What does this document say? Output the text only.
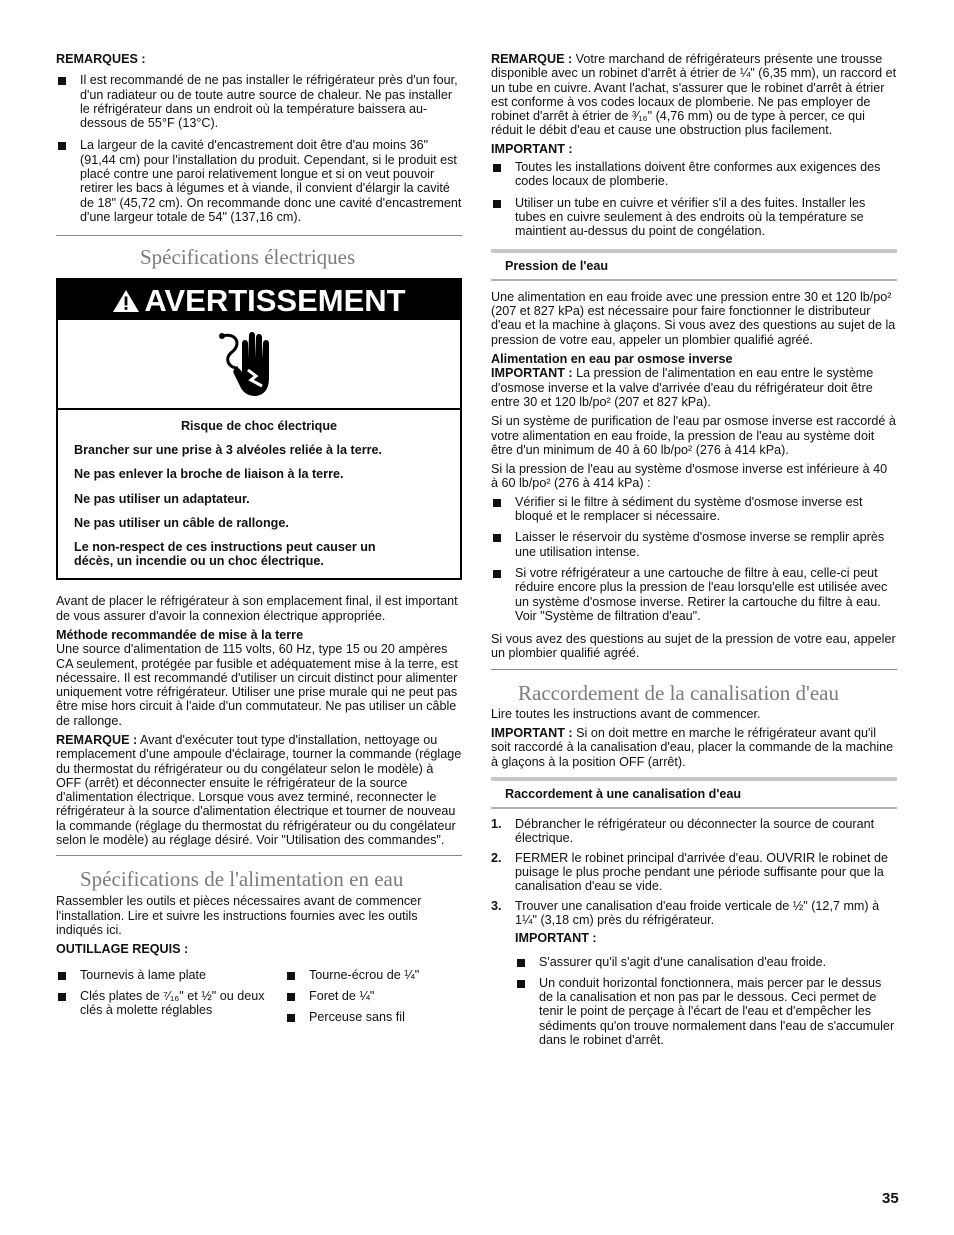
REMARQUES :

Il est recommandé de ne pas installer le réfrigérateur près d'un four, d'un radiateur ou de toute autre source de chaleur. Ne pas installer le réfrigérateur dans un endroit où la température baissera au-dessous de 55°F (13°C).

La largeur de la cavité d'encastrement doit être d'au moins 36" (91,44 cm) pour l'installation du produit. Cependant, si le produit est placé contre une paroi relativement longue et si on veut pouvoir retirer les bacs à légumes et à viande, il convient d'élargir la cavité de 18" (45,72 cm). On recommande donc une cavité d'encastrement d'une largeur totale de 54" (137,16 cm).

Spécifications électriques

AVERTISSEMENT

Risque de choc électrique

Brancher sur une prise à 3 alvéoles reliée à la terre.

Ne pas enlever la broche de liaison à la terre.

Ne pas utiliser un adaptateur.

Ne pas utiliser un câble de rallonge.

Le non-respect de ces instructions peut causer un décès, un incendie ou un choc électrique.

Avant de placer le réfrigérateur à son emplacement final, il est important de vous assurer d'avoir la connexion électrique appropriée.

Méthode recommandée de mise à la terre

Une source d'alimentation de 115 volts, 60 Hz, type 15 ou 20 ampères CA seulement, protégée par fusible et adéquatement mise à la terre, est nécessaire. Il est recommandé d'utiliser un circuit distinct pour alimenter uniquement votre réfrigérateur. Utiliser une prise murale qui ne peut pas être mise hors circuit à l'aide d'un commutateur. Ne pas utiliser un câble de rallonge.

REMARQUE : Avant d'exécuter tout type d'installation, nettoyage ou remplacement d'une ampoule d'éclairage, tourner la commande (réglage du thermostat du réfrigérateur ou du congélateur selon le modèle) à OFF (arrêt) et déconnecter ensuite le réfrigérateur de la source d'alimentation électrique. Lorsque vous avez terminé, reconnecter le réfrigérateur à la source d'alimentation électrique et tourner de nouveau la commande (réglage du thermostat du réfrigérateur ou du congélateur selon le modèle) au réglage désiré. Voir "Utilisation des commandes".

Spécifications de l'alimentation en eau

Rassembler les outils et pièces nécessaires avant de commencer l'installation. Lire et suivre les instructions fournies avec les outils indiqués ici.

OUTILLAGE REQUIS :

Tournevis à lame plate

Clés plates de ⁷⁄₁₆" et ½" ou deux clés à molette réglables

Tourne-écrou de ¼"

Foret de ¼"

Perceuse sans fil

REMARQUE : Votre marchand de réfrigérateurs présente une trousse disponible avec un robinet d'arrêt à étrier de ¼" (6,35 mm), un raccord et un tube en cuivre. Avant l'achat, s'assurer que le robinet d'arrêt à étrier est conforme à vos codes locaux de plomberie. Ne pas employer de robinet d'arrêt à étrier de ³⁄₁₆" (4,76 mm) ou de type à percer, ce qui réduit le débit d'eau et cause une obstruction plus facilement.

IMPORTANT :

Toutes les installations doivent être conformes aux exigences des codes locaux de plomberie.

Utiliser un tube en cuivre et vérifier s'il a des fuites. Installer les tubes en cuivre seulement à des endroits où la température se maintient au-dessus du point de congélation.

Pression de l'eau

Une alimentation en eau froide avec une pression entre 30 et 120 lb/po² (207 et 827 kPa) est nécessaire pour faire fonctionner le distributeur d'eau et la machine à glaçons. Si vous avez des questions au sujet de la pression de votre eau, appeler un plombier qualifié agréé.

Alimentation en eau par osmose inverse

IMPORTANT : La pression de l'alimentation en eau entre le système d'osmose inverse et la valve d'arrivée d'eau du réfrigérateur doit être entre 30 et 120 lb/po² (207 et 827 kPa).

Si un système de purification de l'eau par osmose inverse est raccordé à votre alimentation en eau froide, la pression de l'eau au système doit être d'un minimum de 40 à 60 lb/po² (276 à 414 kPa).

Si la pression de l'eau au système d'osmose inverse est inférieure à 40 à 60 lb/po² (276 à 414 kPa) :

Vérifier si le filtre à sédiment du système d'osmose inverse est bloqué et le remplacer si nécessaire.

Laisser le réservoir du système d'osmose inverse se remplir après une utilisation intense.

Si votre réfrigérateur a une cartouche de filtre à eau, celle-ci peut réduire encore plus la pression de l'eau lorsqu'elle est utilisée avec un système d'osmose inverse. Retirer la cartouche du filtre à eau. Voir "Système de filtration d'eau".

Si vous avez des questions au sujet de la pression de votre eau, appeler un plombier qualifié agréé.

Raccordement de la canalisation d'eau

Lire toutes les instructions avant de commencer.

IMPORTANT : Si on doit mettre en marche le réfrigérateur avant qu'il soit raccordé à la canalisation d'eau, placer la commande de la machine à glaçons à la position OFF (arrêt).

Raccordement à une canalisation d'eau

1. Débrancher le réfrigérateur ou déconnecter la source de courant électrique.

2. FERMER le robinet principal d'arrivée d'eau. OUVRIR le robinet de puisage le plus proche pendant une période suffisante pour que la canalisation d'eau se vide.

3. Trouver une canalisation d'eau froide verticale de ½" (12,7 mm) à 1¼" (3,18 cm) près du réfrigérateur.

IMPORTANT :

S'assurer qu'il s'agit d'une canalisation d'eau froide.

Un conduit horizontal fonctionnera, mais percer par le dessus de la canalisation et non pas par le dessous. Ceci permet de tenir le point de perçage à l'écart de l'eau et d'empêcher les sédiments qu'on trouve normalement dans l'eau de s'accumuler dans le robinet d'arrêt.

35
